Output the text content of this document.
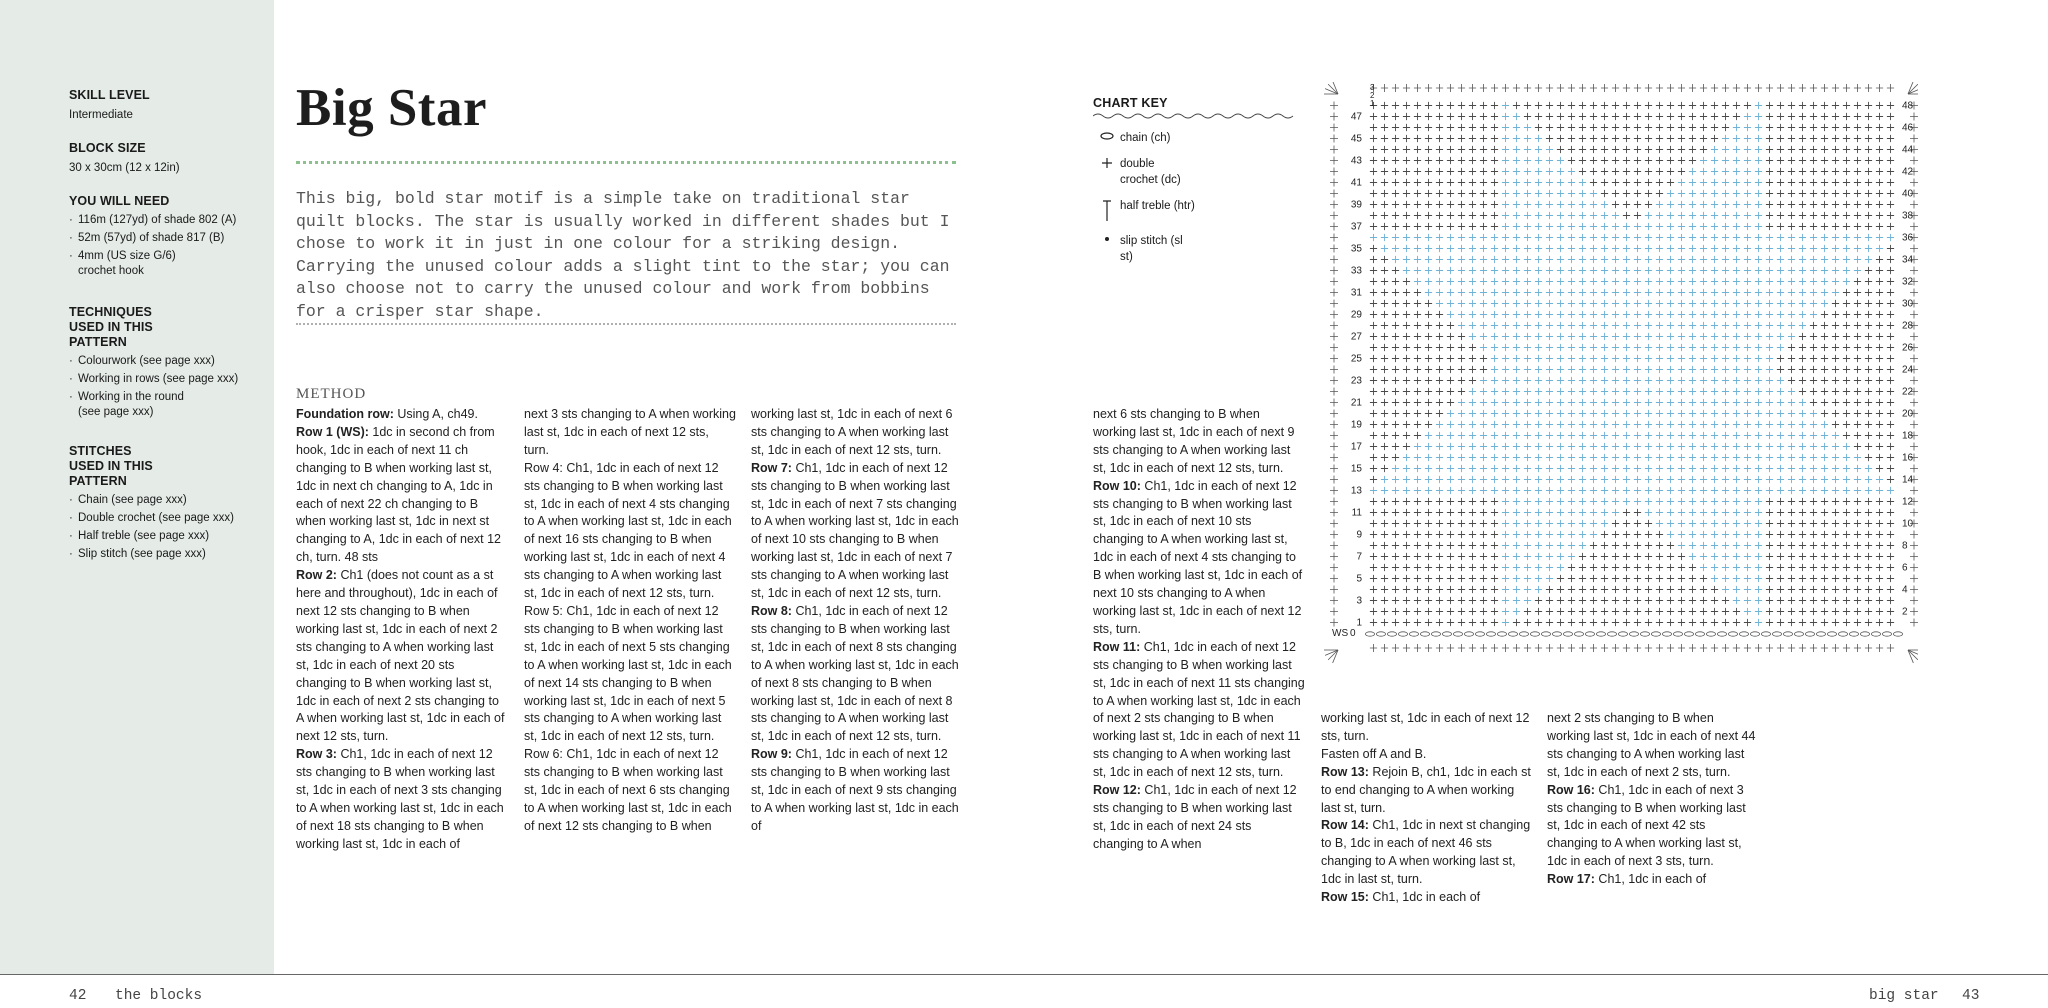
SKILL LEVEL
Intermediate
BLOCK SIZE
30 x 30cm (12 x 12in)
YOU WILL NEED
· 116m (127yd) of shade 802 (A)
· 52m (57yd) of shade 817 (B)
· 4mm (US size G/6) crochet hook
TECHNIQUES USED IN THIS PATTERN
· Colourwork (see page xxx)
· Working in rows (see page xxx)
· Working in the round (see page xxx)
STITCHES USED IN THIS PATTERN
· Chain (see page xxx)
· Double crochet (see page xxx)
· Half treble (see page xxx)
· Slip stitch (see page xxx)
Big Star
This big, bold star motif is a simple take on traditional star quilt blocks. The star is usually worked in different shades but I chose to work it in just in one colour for a striking design. Carrying the unused colour adds a slight tint to the star; you can also choose not to carry the unused colour and work from bobbins for a crisper star shape.
METHOD

Foundation row: Using A, ch49.

Row 1 (WS): 1dc in second ch from hook, 1dc in each of next 11 ch changing to B when working last st, 1dc in next ch changing to A, 1dc in each of next 22 ch changing to B when working last st, 1dc in next st changing to A, 1dc in each of next 12 ch, turn. 48 sts

Row 2: Ch1 (does not count as a st here and throughout), 1dc in each of next 12 sts changing to B when working last st, 1dc in each of next 2 sts changing to A when working last st, 1dc in each of next 20 sts changing to B when working last st, 1dc in each of next 2 sts changing to A when working last st, 1dc in each of next 12 sts, turn.

Row 3: Ch1, 1dc in each of next 12 sts changing to B when working last st, 1dc in each of next 3 sts changing to A when working last st, 1dc in each of next 18 sts changing to B when working last st, 1dc in each of

next 3 sts changing to A when working last st, 1dc in each of next 12 sts, turn.

Row 4: Ch1, 1dc in each of next 12 sts changing to B when working last st, 1dc in each of next 4 sts changing to A when working last st, 1dc in each of next 16 sts changing to B when working last st, 1dc in each of next 4 sts changing to A when working last st, 1dc in each of next 12 sts, turn.

Row 5: Ch1, 1dc in each of next 12 sts changing to B when working last st, 1dc in each of next 5 sts changing to A when working last st, 1dc in each of next 14 sts changing to B when working last st, 1dc in each of next 5 sts changing to A when working last st, 1dc in each of next 12 sts, turn.

Row 6: Ch1, 1dc in each of next 12 sts changing to B when working last st, 1dc in each of next 6 sts changing to A when working last st, 1dc in each of next 12 sts changing to B when

working last st, 1dc in each of next 6 sts changing to A when working last st, 1dc in each of next 12 sts, turn.

Row 7: Ch1, 1dc in each of next 12 sts changing to B when working last st, 1dc in each of next 7 sts changing to A when working last st, 1dc in each of next 10 sts changing to B when working last st, 1dc in each of next 7 sts changing to A when working last st, 1dc in each of next 12 sts, turn.

Row 8: Ch1, 1dc in each of next 12 sts changing to B when working last st, 1dc in each of next 8 sts changing to A when working last st, 1dc in each of next 8 sts changing to B when working last st, 1dc in each of next 8 sts changing to A when working last st, 1dc in each of next 12 sts, turn.

Row 9: Ch1, 1dc in each of next 12 sts changing to B when working last st, 1dc in each of next 9 sts changing to A when working last st, 1dc in each of

next 6 sts changing to B when working last st, 1dc in each of next 9 sts changing to A when working last st, 1dc in each of next 12 sts, turn.

Row 10: Ch1, 1dc in each of next 12 sts changing to B when working last st, 1dc in each of next 10 sts changing to A when working last st, 1dc in each of next 4 sts changing to B when working last st, 1dc in each of next 10 sts changing to A when working last st, 1dc in each of next 12 sts, turn.

Row 11: Ch1, 1dc in each of next 12 sts changing to B when working last st, 1dc in each of next 11 sts changing to A when working last st, 1dc in each of next 2 sts changing to B when working last st, 1dc in each of next 11 sts changing to A when working last st, 1dc in each of next 12 sts, turn.

Row 12: Ch1, 1dc in each of next 12 sts changing to B when working last st, 1dc in each of next 24 sts changing to A when

working last st, 1dc in each of next 12 sts, turn.

Fasten off A and B.

Row 13: Rejoin B, ch1, 1dc in each st to end changing to A when working last st, turn.

Row 14: Ch1, 1dc in next st changing to B, 1dc in each of next 46 sts changing to A when working last st, 1dc in last st, turn.

Row 15: Ch1, 1dc in each of

next 2 sts changing to B when working last st, 1dc in each of next 44 sts changing to A when working last st, 1dc in each of next 2 sts, turn.

Row 16: Ch1, 1dc in each of next 3 sts changing to B when working last st, 1dc in each of next 42 sts changing to A when working last st, 1dc in each of next 3 sts, turn.

Row 17: Ch1, 1dc in each of

CHART KEY
chain (ch)
double crochet (dc)
half treble (htr)
slip stitch (sl st)
1
3
5
7
9
11
13
15
17
19
21
23
25
27
29
31
33
35
37
39
41
43
45
47
2
4
6
8
10
12
14
16
18
20
22
24
26
28
30
32
34
36
38
40
42
44
46
48
3
2
1
WS 0
42 the blocks	big star 43
